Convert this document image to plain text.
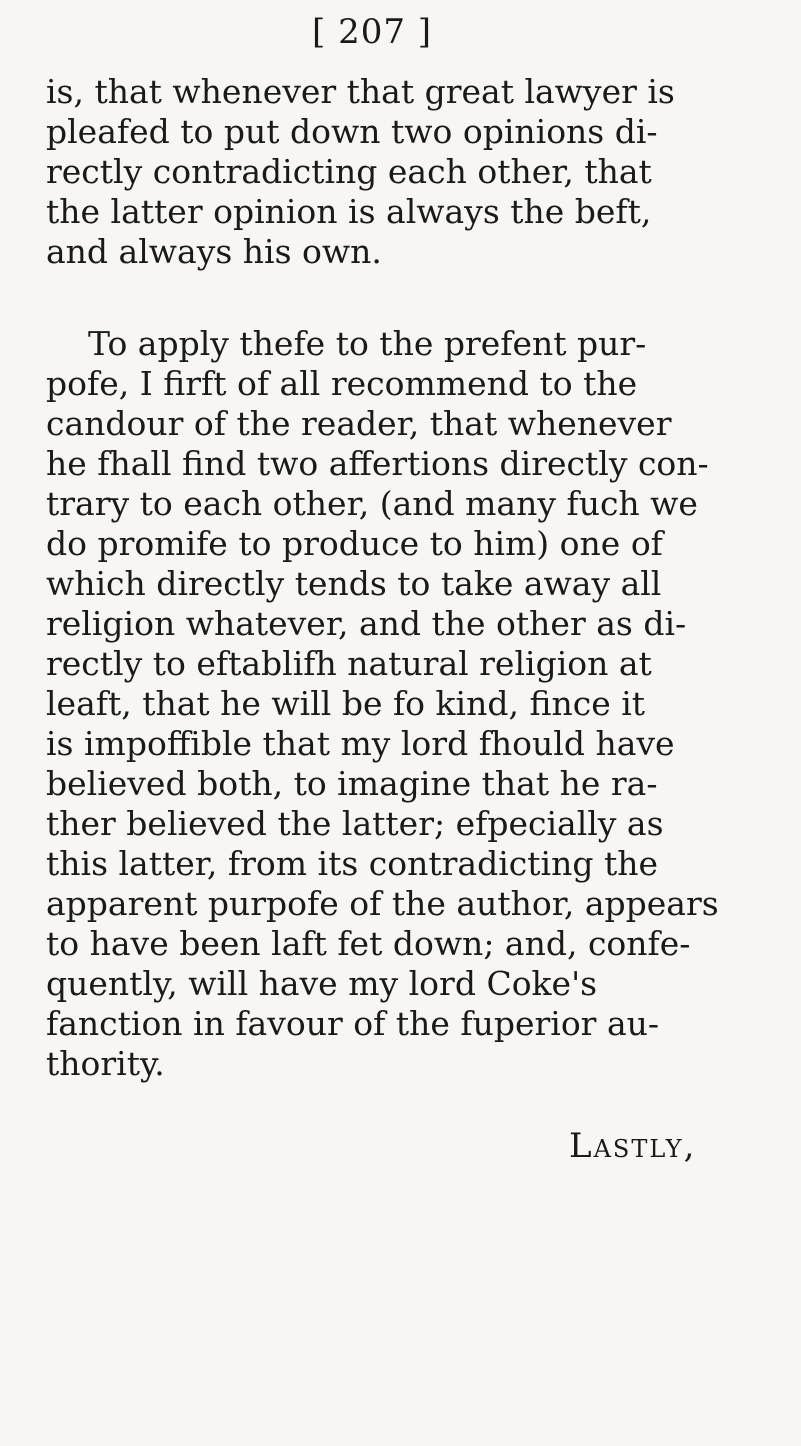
[ 207 ]
is, that whenever that great lawyer is
pleafed to put down two opinions di-
rectly contradicting each other, that
the latter opinion is always the beft,
and always his own.
To apply thefe to the prefent pur-
pofe, I firft of all recommend to the
candour of the reader, that whenever
he fhall find two affertions directly con-
trary to each other, (and many fuch we
do promife to produce to him) one of
which directly tends to take away all
religion whatever, and the other as di-
rectly to eftablifh natural religion at
leaft, that he will be fo kind, fince it
is impoffible that my lord fhould have
believed both, to imagine that he ra-
ther believed the latter; efpecially as
this latter, from its contradicting the
apparent purpofe of the author, appears
to have been laft fet down; and, confe-
quently, will have my lord Coke's
fanction in favour of the fuperior au-
thority.
Lastly,
